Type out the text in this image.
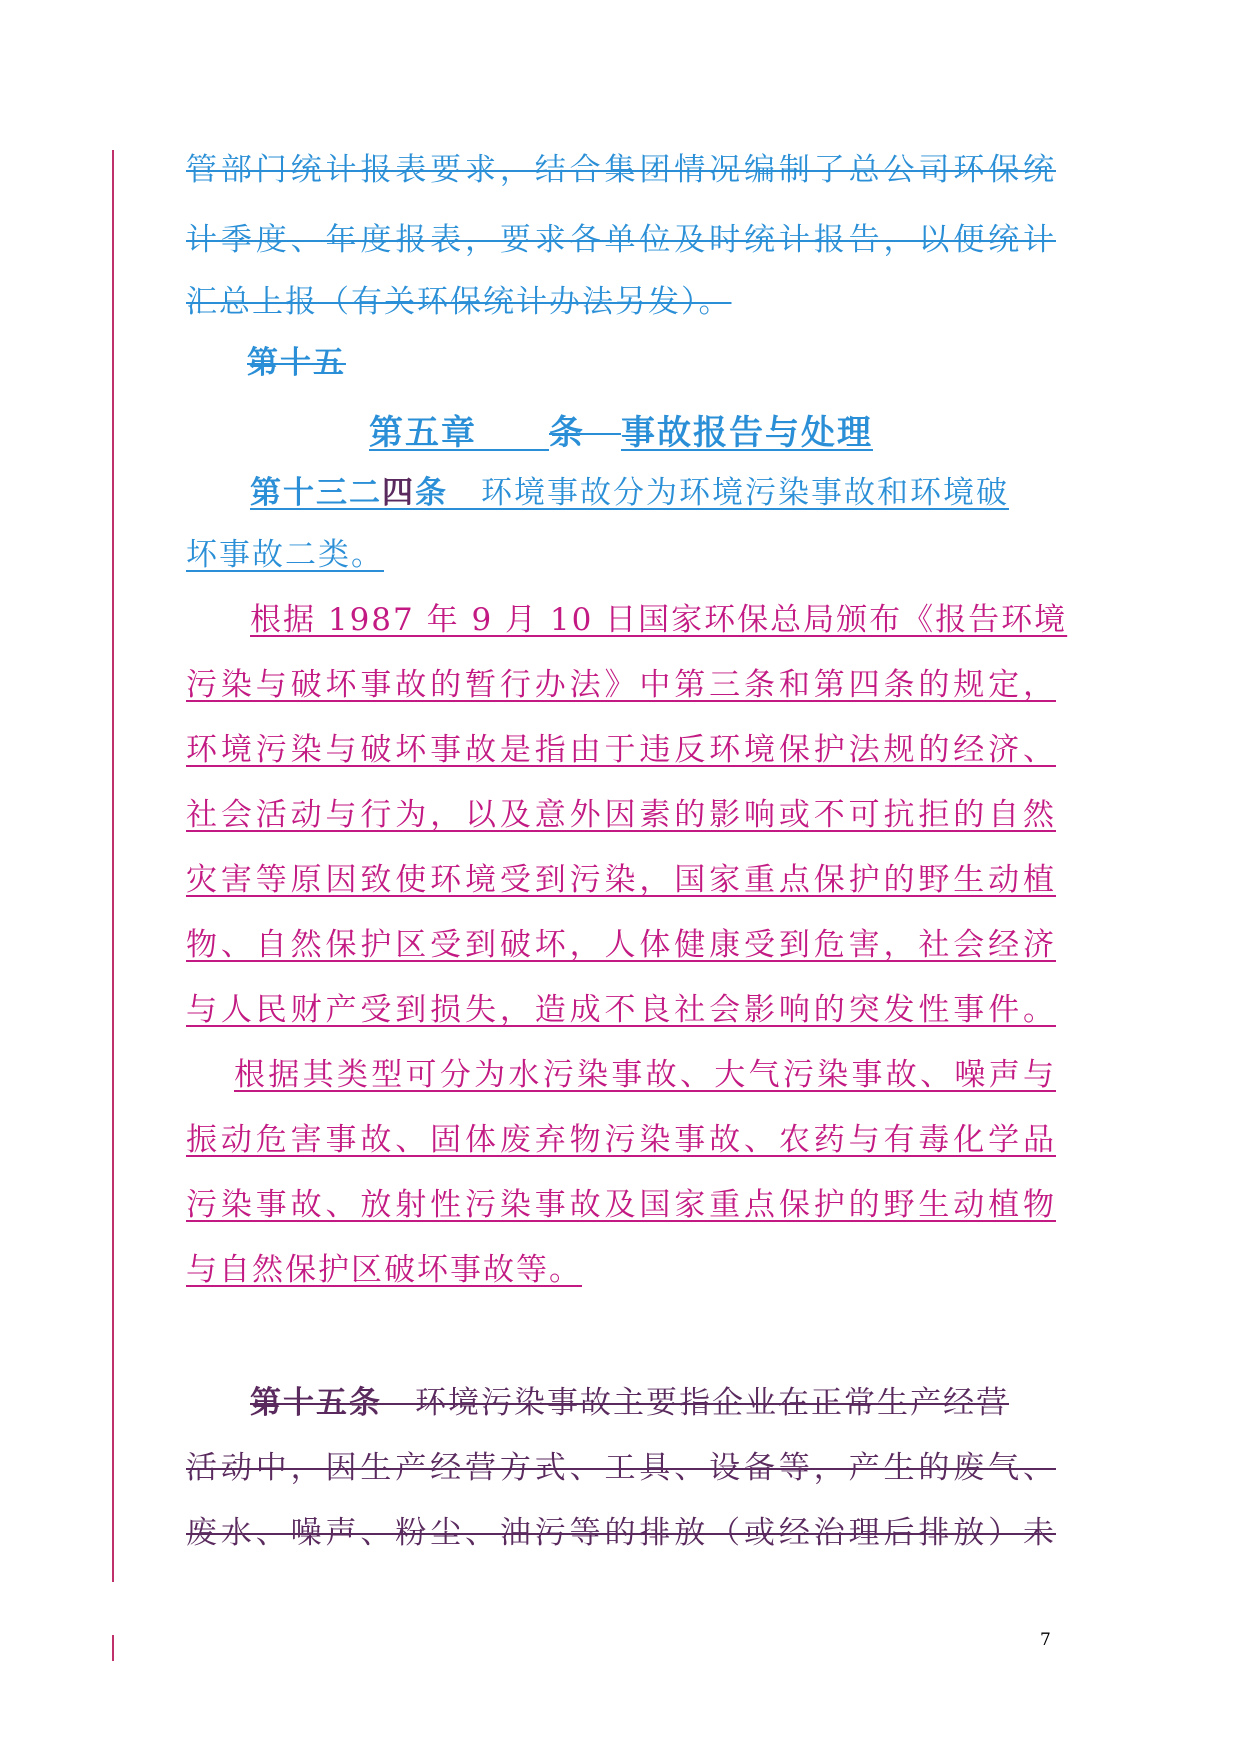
管部门统计报表要求，结合集团情况编制了总公司环保统
计季度、年度报表，要求各单位及时统计报告，以便统计
汇总上报（有关环保统计办法另发）。
第十五
第五章   条  事故报告与处理
第十三二四条  环境事故分为环境污染事故和环境破
坏事故二类。
根据 1987 年 9 月 10 日国家环保总局颁布《报告环境
污染与破坏事故的暂行办法》中第三条和第四条的规定，
环境污染与破坏事故是指由于违反环境保护法规的经济、
社会活动与行为，以及意外因素的影响或不可抗拒的自然
灾害等原因致使环境受到污染，国家重点保护的野生动植
物、自然保护区受到破坏，人体健康受到危害，社会经济
与人民财产受到损失，造成不良社会影响的突发性事件。
根据其类型可分为水污染事故、大气污染事故、噪声与
振动危害事故、固体废弃物污染事故、农药与有毒化学品
污染事故、放射性污染事故及国家重点保护的野生动植物
与自然保护区破坏事故等。
第十五条  环境污染事故主要指企业在正常生产经营
活动中，因生产经营方式、工具、设备等，产生的废气、
废水、噪声、粉尘、油污等的排放（或经治理后排放）未
7
